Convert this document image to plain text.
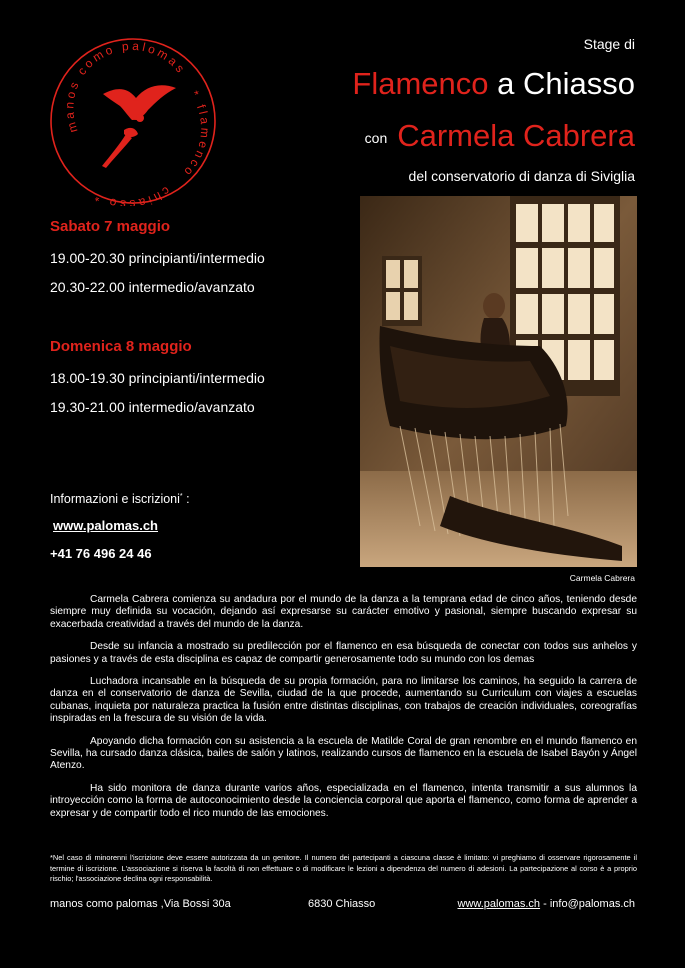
manos como palomas
* flamenco
chiasso *
Stage di
Flamenco a Chiasso
con Carmela Cabrera
del conservatorio di danza di Siviglia
Sabato 7 maggio
19.00-20.30 principianti/intermedio
20.30-22.00 intermedio/avanzato
Domenica 8 maggio
18.00-19.30 principianti/intermedio
19.30-21.00 intermedio/avanzato
Carmela Cabrera
Informazioni e iscrizioni* :
www.palomas.ch
+41 76 496 24 46

Carmela Cabrera comienza su andadura por el mundo de la danza a la temprana edad de cinco años, teniendo desde siempre muy definida su vocación, dejando así expresarse su carácter emotivo y pasional, siempre buscando expresar su exacerbada creatividad a través del mundo de la danza.

Desde su infancia a mostrado su predilección por el flamenco en esa búsqueda de conectar con todos sus anhelos y pasiones y a través de esta disciplina es capaz de compartir generosamente todo su mundo con los demas

Luchadora incansable en la búsqueda de su propia formación, para no limitarse los caminos, ha seguido la carrera de danza en el conservatorio de danza de Sevilla, ciudad de la que procede, aumentando su Curriculum con viajes a escuelas cubanas, inquieta por naturaleza practica la fusión entre distintas disciplinas, con trabajos de creación individuales, coreografías inspiradas en la frescura de su visión de la vida.

Apoyando dicha formación con su asistencia a la escuela de Matilde Coral de gran renombre en el mundo flamenco en Sevilla, ha cursado danza clásica, bailes de salón y latinos, realizando cursos de flamenco en la escuela de Isabel Bayón y Ángel Atenzo.

Ha sido monitora de danza durante varios años, especializada en el flamenco, intenta transmitir a sus alumnos la introyección como la forma de autoconocimiento desde la conciencia corporal que aporta el flamenco, como forma de aprender a expresar y de compartir todo el rico mundo de las emociones.

*Nel caso di minorenni l'iscrizione deve essere autorizzata da un genitore. Il numero dei partecipanti a ciascuna classe è limitato: vi preghiamo di osservare rigorosamente il termine di iscrizione. L'associazione si riserva la facoltà di non effettuare o di modificare le lezioni a dipendenza del numero di adesioni. La partecipazione al corso è a proprio rischio; l'associazione declina ogni responsabilità.
manos como palomas ,Via Bossi 30a	6830 Chiasso	www.palomas.ch - info@palomas.ch
